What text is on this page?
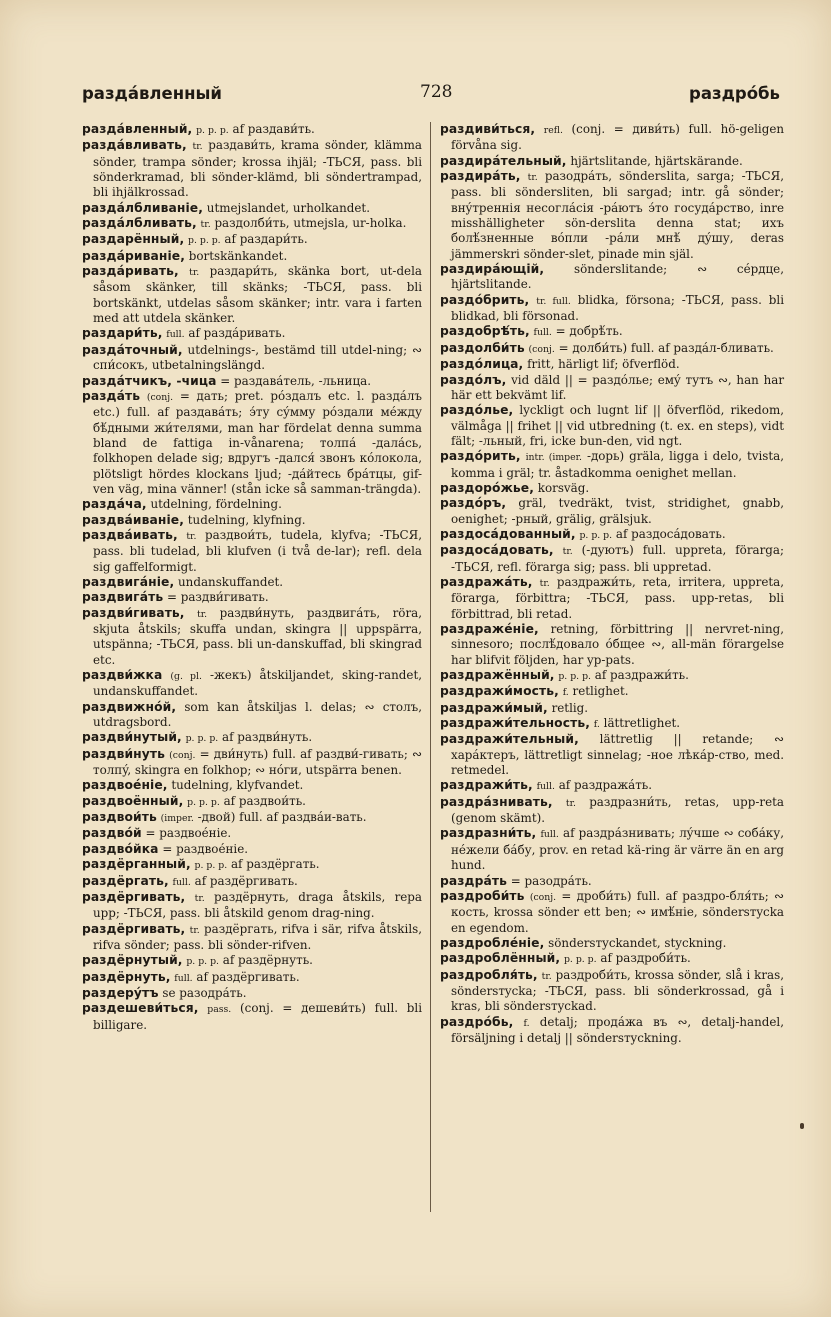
раздáвленный	728	раздрóбь

раздáвленный, p. p. p. af раздави́ть.

раздáвливать, tr. раздави́ть, krama sönder, klämma sönder, trampa sönder; krossa ihjäl; -ТЬСЯ, pass. bli sönderkramad, bli sönder-klämd, bli söndertrampad, bli ihjälkrossad.

раздáлбливаніе, utmejslandet, urholkandet.

раздáлбливать, tr. раздолби́ть, utmejsla, ur-holka.

раздарённый, p. p. p. af раздари́ть.

раздáриваніе, bortskänkandet.

раздáривать, tr. раздари́ть, skänka bort, ut-dela såsom skänker, till skänks; -ТЬСЯ, pass. bli bortskänkt, utdelas såsom skänker; intr. vara i farten med att utdela skänker.

раздари́ть, full. af раздáривать.

раздáточный, utdelnings-, bestämd till utdel-ning; ∾ спи́сокъ, utbetalningslängd.

раздáтчикъ, -чица = раздавáтель, -льница.

раздáть (conj. = дать; pret. рóздалъ etc. l. раздáлъ etc.) full. af раздавáть; э́ту сýмму рóздали мéжду бѣ́дными жи́телями, man har fördelat denna summa bland de fattiga in-vånarena; толпá -далáсь, folkhopen delade sig; вдругъ -дался́ звонъ кóлокола, plötsligt hördes klockans ljud; -дáйтесь брáтцы, gif-ven väg, mina vänner! (stån icke så samman-trängda).

раздáча, utdelning, fördelning.

раздвáиваніе, tudelning, klyfning.

раздвáивать, tr. раздвои́ть, tudela, klyfva; -ТЬСЯ, pass. bli tudelad, bli klufven (i två de-lar); refl. dela sig gaffelformigt.

раздвигáніе, undanskuffandet.

раздвигáть = раздви́гивать.

раздви́гивать, tr. раздви́нуть, раздвигáть, röra, skjuta åtskils; skuffa undan, skingra || uppspärra, utspänna; -ТЬСЯ, pass. bli un-danskuffad, bli skingrad etc.

раздви́жка (g. pl. -жекъ) åtskiljandet, sking-randet, undanskuffandet.

раздвижнóй, som kan åtskiljas l. delas; ∾ столъ, utdragsbord.

раздви́нутый, p. p. p. af раздви́нуть.

раздви́нуть (conj. = дви́нуть) full. af раздви́-гивать; ∾ толпý, skingra en folkhop; ∾ нóги, utspärra benen.

раздвоéніе, tudelning, klyfvandet.

раздвоённый, p. p. p. af раздвои́ть.

раздвои́ть (imper. -двой) full. af раздвáи-вать.

раздвóй = раздвоéніе.

раздвóйка = раздвоéніе.

раздёрганный, p. p. p. af раздёргать.

раздёргать, full. af раздёргивать.

раздёргивать, tr. раздёрнуть, draga åtskils, repa upp; -ТЬСЯ, pass. bli åtskild genom drag-ning.

раздёргивать, tr. раздёргать, rifva i sär, rifva åtskils, rifva sönder; pass. bli sönder-rifven.

раздёрнутый, p. p. p. af раздёрнуть.

раздёрнуть, full. af раздёргивать.

раздерýтъ se разодрáть.

раздешеви́ться, pass. (conj. = дешеви́ть) full. bli billigare.

раздиви́ться, refl. (conj. = диви́ть) full. hö-geligen förvåna sig.

раздирáтельный, hjärtslitande, hjärtskärande.

раздирáть, tr. разодрáть, sönderslita, sarga; -ТЬСЯ, pass. bli sönderslitеn, bli sargad; intr. gå sönder; внýтреннія несоглáсія -páютъ э́то госудáрство, inre misshälligheter sön-derslita denna stat; ихъ болѣ́зненные вóпли -páли мнѣ́ дýшу, deras jämmerskri sönder-slet, pinade min själ.

раздирáющій,	sönderslitande; ∾ сéрдце, hjärtslitande.

раздóбрить, tr. full. blidka, försona; -ТЬСЯ, pass. bli blidkad, bli försonad.

раздобрѣ́ть, full. = добрѣ́ть.

раздолби́ть (conj. = долби́ть) full. af раздáл-бливать.

раздóлица, fritt, härligt lif; öfverflöd.

раздóлъ, vid däld || = раздóлье; емý тутъ ∾, han har här ett bekvämt lif.

раздóлье, lyckligt och lugnt lif || öfverflöd, rikedom, välmåga || frihet || vid utbredning (t. ex. en steps), vidt fält; -льный, fri, icke bun-den, vid ngt.

раздóрить, intr. (imper. -дорь) gräla, ligga i delo, tvista, komma i gräl; tr. åstadkomma oenighet mellan.

раздорóжье, korsväg.

раздóръ, gräl, tvedräkt, tvist, stridighet, gnabb, oenighet; -рный, grälig, grälsjuk.

раздосáдованный, p. p. p. af раздосáдовать.

раздосáдовать, tr. (-дуютъ) full. uppreta, förarga; -ТЬСЯ, refl. förarga sig; pass. bli uppretad.

раздражáть, tr. раздражи́ть, reta, irritera, uppreta, förarga, förbittra; -ТЬСЯ, pass. upp-retas, bli förbittrad, bli retad.

раздражéніе, retning, förbittring || nervret-ning, sinnesoro; послѣ́довало óбщее ∾, all-män förargelse har blifvit följden, har yp-pats.

раздражённый, p. p. p. af раздражи́ть.

раздражи́мость, f. retlighet.

раздражи́мый, retlig.

раздражи́тельность, f. lättretlighet.

раздражи́тельный, lättretlig || retande; ∾ харáктеръ, lättretligt sinnelag; -ное лѣкáр-ство, med. retmedel.

раздражи́ть, full. af раздражáть.

раздрáзнивать, tr. раздразни́ть, retas, upp-reta (genom skämt).

раздразни́ть, full. af раздрáзнивать; лýчше ∾ собáку, нéжели бáбу, prov. en retad kä-ring är värre än en arg hund.

раздрáть = разодрáть.

раздроби́ть (conj. = дроби́ть) full. af раздро-бля́ть; ∾ кость, krossa sönder ett ben; ∾ имѣ́ніе, söndersтycka en egendom.

раздроблéніе, söndersтyckandet, styckning.

раздроблённый, p. p. p. af раздроби́ть.

раздробля́ть, tr. раздроби́ть, krossa sönder, slå i kras, söndersтycka; -ТЬСЯ, pass. bli söndеrkrossad, gå i kras, bli söndersтyckad.

раздрóбь, f. detalj; продáжа въ ∾, detalj-handel, försäljning i detalj || söndersтyckning.
